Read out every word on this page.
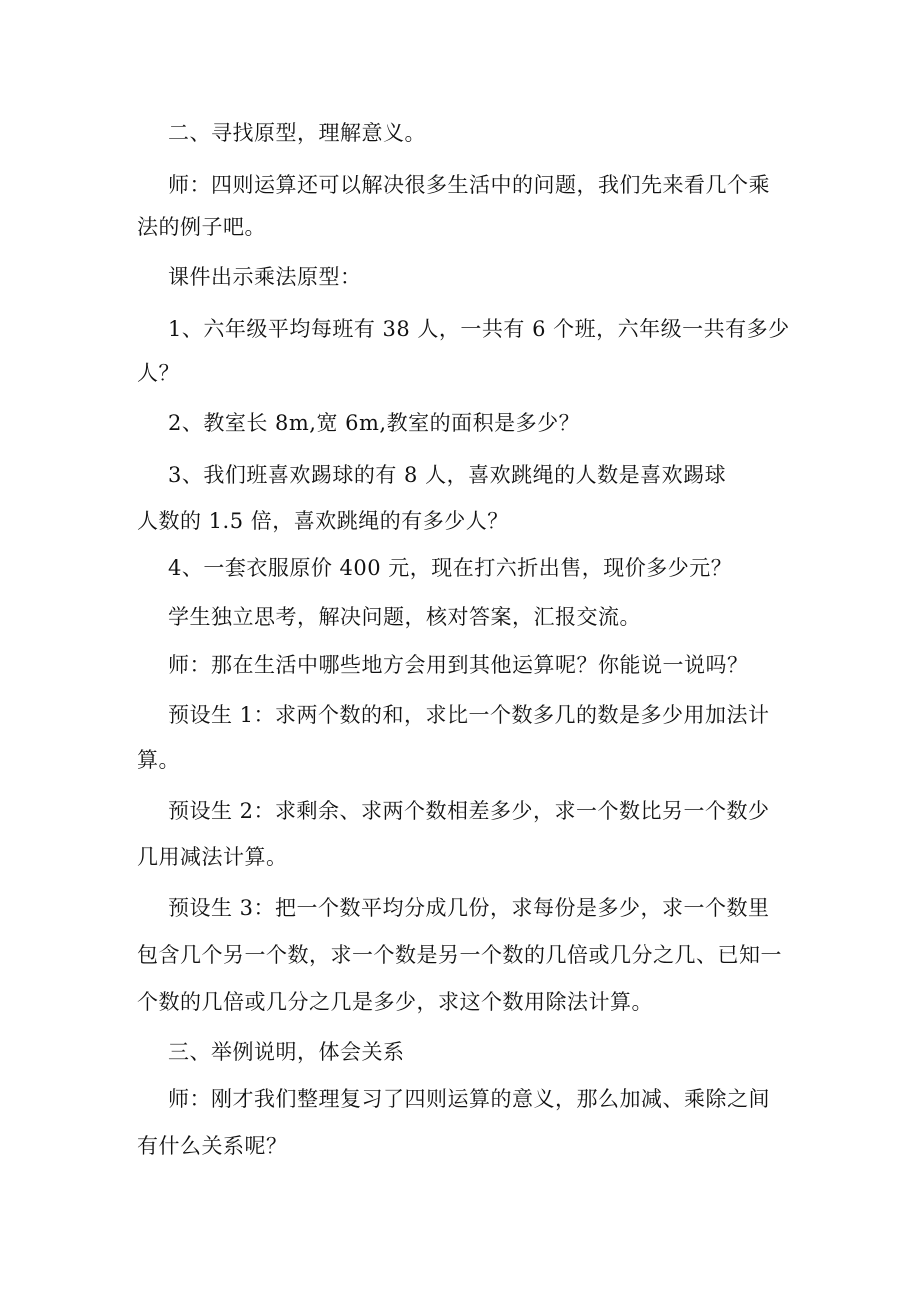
二、寻找原型，理解意义。
师：四则运算还可以解决很多生活中的问题，我们先来看几个乘
法的例子吧。
课件出示乘法原型：
1、六年级平均每班有 38 人，一共有 6 个班，六年级一共有多少
人？
2、教室长 8m,宽 6m,教室的面积是多少？
3、我们班喜欢踢球的有 8 人，喜欢跳绳的人数是喜欢踢球
人数的 1.5 倍，喜欢跳绳的有多少人？
4、一套衣服原价 400 元，现在打六折出售，现价多少元？
学生独立思考，解决问题，核对答案，汇报交流。
师：那在生活中哪些地方会用到其他运算呢？你能说一说吗？
预设生 1：求两个数的和，求比一个数多几的数是多少用加法计
算。
预设生 2：求剩余、求两个数相差多少，求一个数比另一个数少
几用减法计算。
预设生 3：把一个数平均分成几份，求每份是多少，求一个数里
包含几个另一个数，求一个数是另一个数的几倍或几分之几、已知一
个数的几倍或几分之几是多少，求这个数用除法计算。
三、举例说明，体会关系
师：刚才我们整理复习了四则运算的意义，那么加减、乘除之间
有什么关系呢？
